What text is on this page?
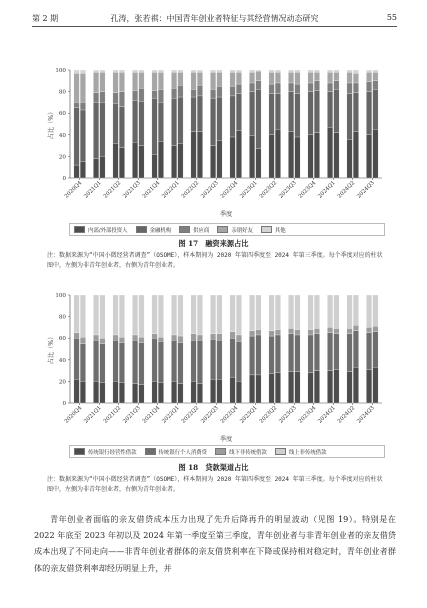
第 2 期	孔涛，张若祺：中国青年创业者特征与其经营情况动态研究	55
0
20
40
60
80
100
占比（%）
2020Q4 2021Q1 2021Q2 2021Q3 2021Q4 2022Q1 2022Q2 2022Q3 2022Q4 2023Q1 2023Q2 2023Q3 2023Q4 2024Q1 2024Q2 2024Q3
季度
内部/外部投资人	金融机构	供应商	亲朋好友	其他
图 17　融资来源占比
注：数据来源为“中国小微经营者调查”（OSOME），样本期间为 2020 年第四季度至 2024 年第三季度。每个季度对应的柱状图中，左侧为非青年创业者，右侧为青年创业者。
0
20
40
60
80
100
占比（%）
2020Q4 2021Q1 2021Q2 2021Q3 2021Q4 2022Q1 2022Q2 2022Q3 2022Q4 2023Q1 2023Q2 2023Q3 2023Q4 2024Q1 2024Q2 2024Q3
季度
传统银行经营性借款	传统银行个人消费贷	线下非传统借款	线上非传统借款
图 18　贷款渠道占比
注：数据来源为“中国小微经营者调查”（OSOME），样本期间为 2020 年第四季度至 2024 年第三季度。每个季度对应的柱状图中，左侧为非青年创业者，右侧为青年创业者。

青年创业者面临的亲友借贷成本压力出现了先升后降再升的明显波动（见图 19）。特别是在 2022 年底至 2023 年初以及 2024 年第一季度至第三季度，青年创业者与非青年创业者的亲友借贷成本出现了不同走向——非青年创业者群体的亲友借贷利率在下降或保持相对稳定时，青年创业者群体的亲友借贷利率却经历明显上升，并
